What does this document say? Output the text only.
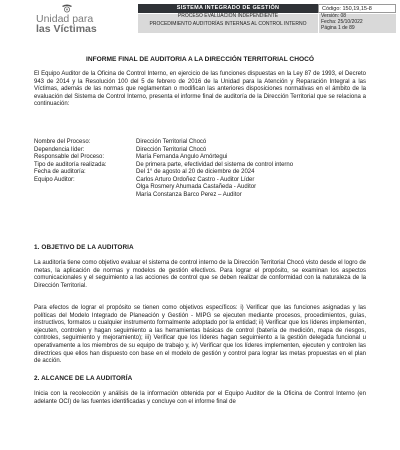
Unidad para
las Víctimas
SISTEMA INTEGRADO DE GESTIÓN	Código: 150,19,15-8
PROCESO EVALUACIÓN INDEPENDIENTE
PROCEDIMIENTO AUDITORÍAS INTERNAS AL CONTROL INTERNO
Versión: 08
Fecha: 25/10/2022
Página 1 de 89
INFORME FINAL DE AUDITORIA A LA DIRECCIÓN TERRITORIAL CHOCÓ

El Equipo Auditor de la Oficina de Control Interno, en ejercicio de las funciones dispuestas en la Ley 87 de 1993, el Decreto 943 de 2014 y la Resolución 100 del 5 de febrero de 2016 de la Unidad para la Atención y Reparación Integral a las Víctimas, además de las normas que reglamentan o modifican las anteriores disposiciones normativas en el ámbito de la evaluación del Sistema de Control Interno, presenta el informe final de auditoría de la Dirección Territorial que se relaciona a continuación:

Nombre del Proceso:	Dirección Territorial Chocó
Dependencia líder:	Dirección Territorial Chocó
Responsable del Proceso:	María Fernanda Angulo Amórtegui
Tipo de auditoría realizada:	De primera parte, efectividad del sistema de control interno
Fecha de auditoría:	Del 1° de agosto al 20 de diciembre de 2024
Equipo Auditor:	Carlos Arturo Ordoñez Castro - Auditor Líder
Olga Rosmery Ahumada Castañeda - Auditor
María Constanza Barco Perez – Auditor
1. OBJETIVO DE LA AUDITORIA

La auditoría tiene como objetivo evaluar el sistema de control interno de la Dirección Territorial Chocó visto desde el logro de metas, la aplicación de normas y modelos de gestión efectivos. Para lograr el propósito, se examinan los aspectos comunicacionales y el seguimiento a las acciones de control que se deben realizar de conformidad con la naturaleza de la Dirección Territorial.

Para efectos de lograr el propósito se tienen como objetivos específicos: i) Verificar que las funciones asignadas y las políticas del Modelo Integrado de Planeación y Gestión - MIPG se ejecuten mediante procesos, procedimientos, guías, instructivos, formatos u cualquier instrumento formalmente adoptado por la entidad; ii) Verificar que los líderes implementen, ejecuten, controlen y hagan seguimiento a las herramientas básicas de control (batería de medición, mapa de riesgos, controles, seguimiento y mejoramiento); iii) Verificar que los líderes hagan seguimiento a la gestión delegada funcional u operativamente a los miembros de su equipo de trabajo y, iv) Verificar que los líderes implementen, ejecuten y controlen las directrices que ellos han dispuesto con base en el modelo de gestión y control para lograr las metas propuestas en el plan de acción.

2. ALCANCE DE LA AUDITORÍA

Inicia con la recolección y análisis de la información obtenida por el Equipo Auditor de la Oficina de Control Interno (en adelante OCI) de las fuentes identificadas y concluye con el informe final de
